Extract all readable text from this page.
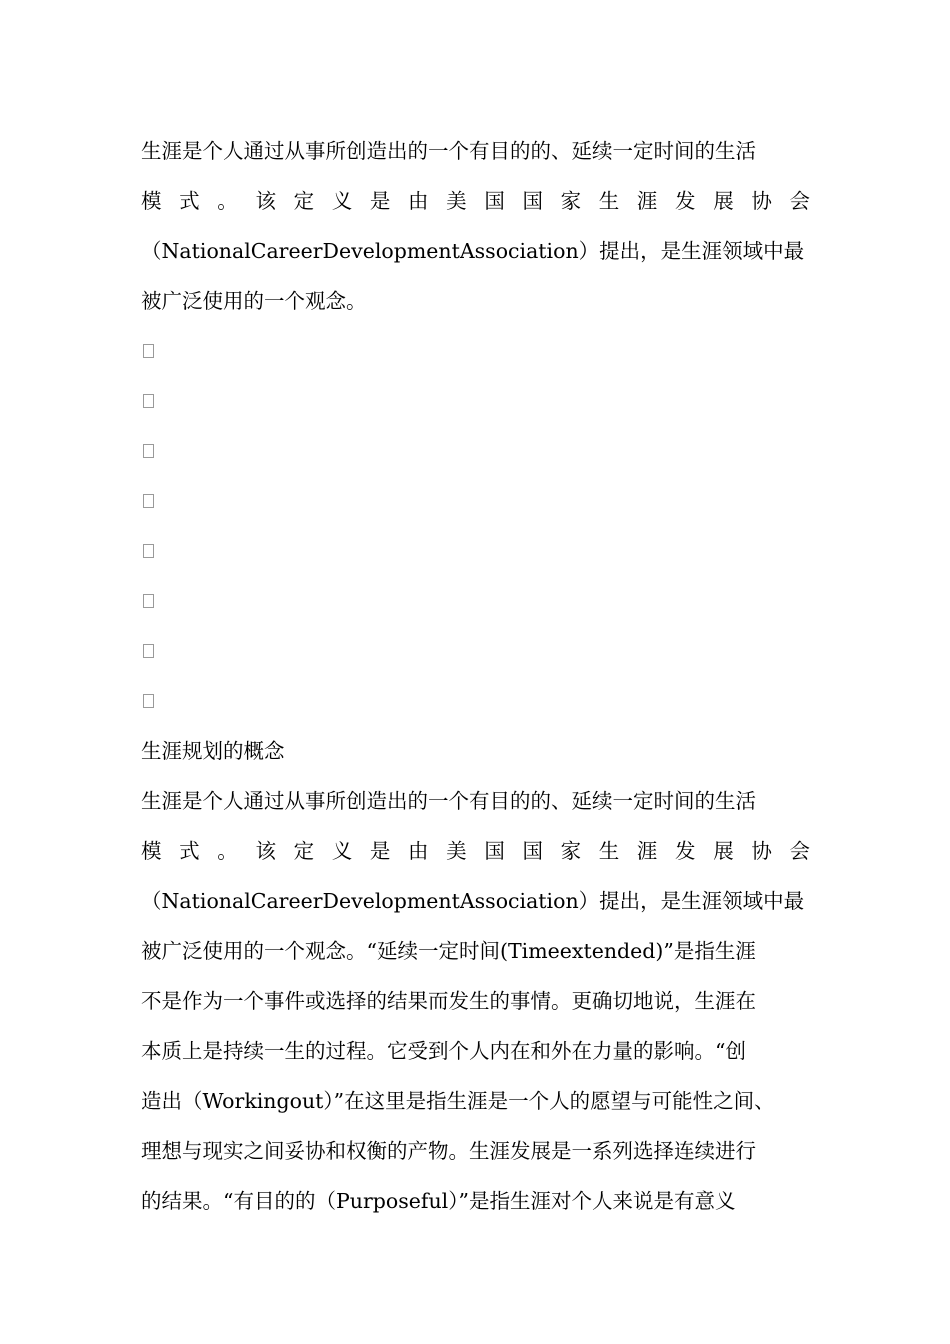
生涯是个人通过从事所创造出的一个有目的的、延续一定时间的生活
模 式 。 该 定 义 是 由 美 国 国 家 生 涯 发 展 协 会
（NationalCareerDevelopmentAssociation）提出，是生涯领域中最
被广泛使用的一个观念。
生涯规划的概念
生涯是个人通过从事所创造出的一个有目的的、延续一定时间的生活
模 式 。 该 定 义 是 由 美 国 国 家 生 涯 发 展 协 会
（NationalCareerDevelopmentAssociation）提出，是生涯领域中最
被广泛使用的一个观念。“延续一定时间(Timeextended)”是指生涯
不是作为一个事件或选择的结果而发生的事情。更确切地说，生涯在
本质上是持续一生的过程。它受到个人内在和外在力量的影响。“创
造出（Workingout）”在这里是指生涯是一个人的愿望与可能性之间、
理想与现实之间妥协和权衡的产物。生涯发展是一系列选择连续进行
的结果。“有目的的（Purposeful）”是指生涯对个人来说是有意义
